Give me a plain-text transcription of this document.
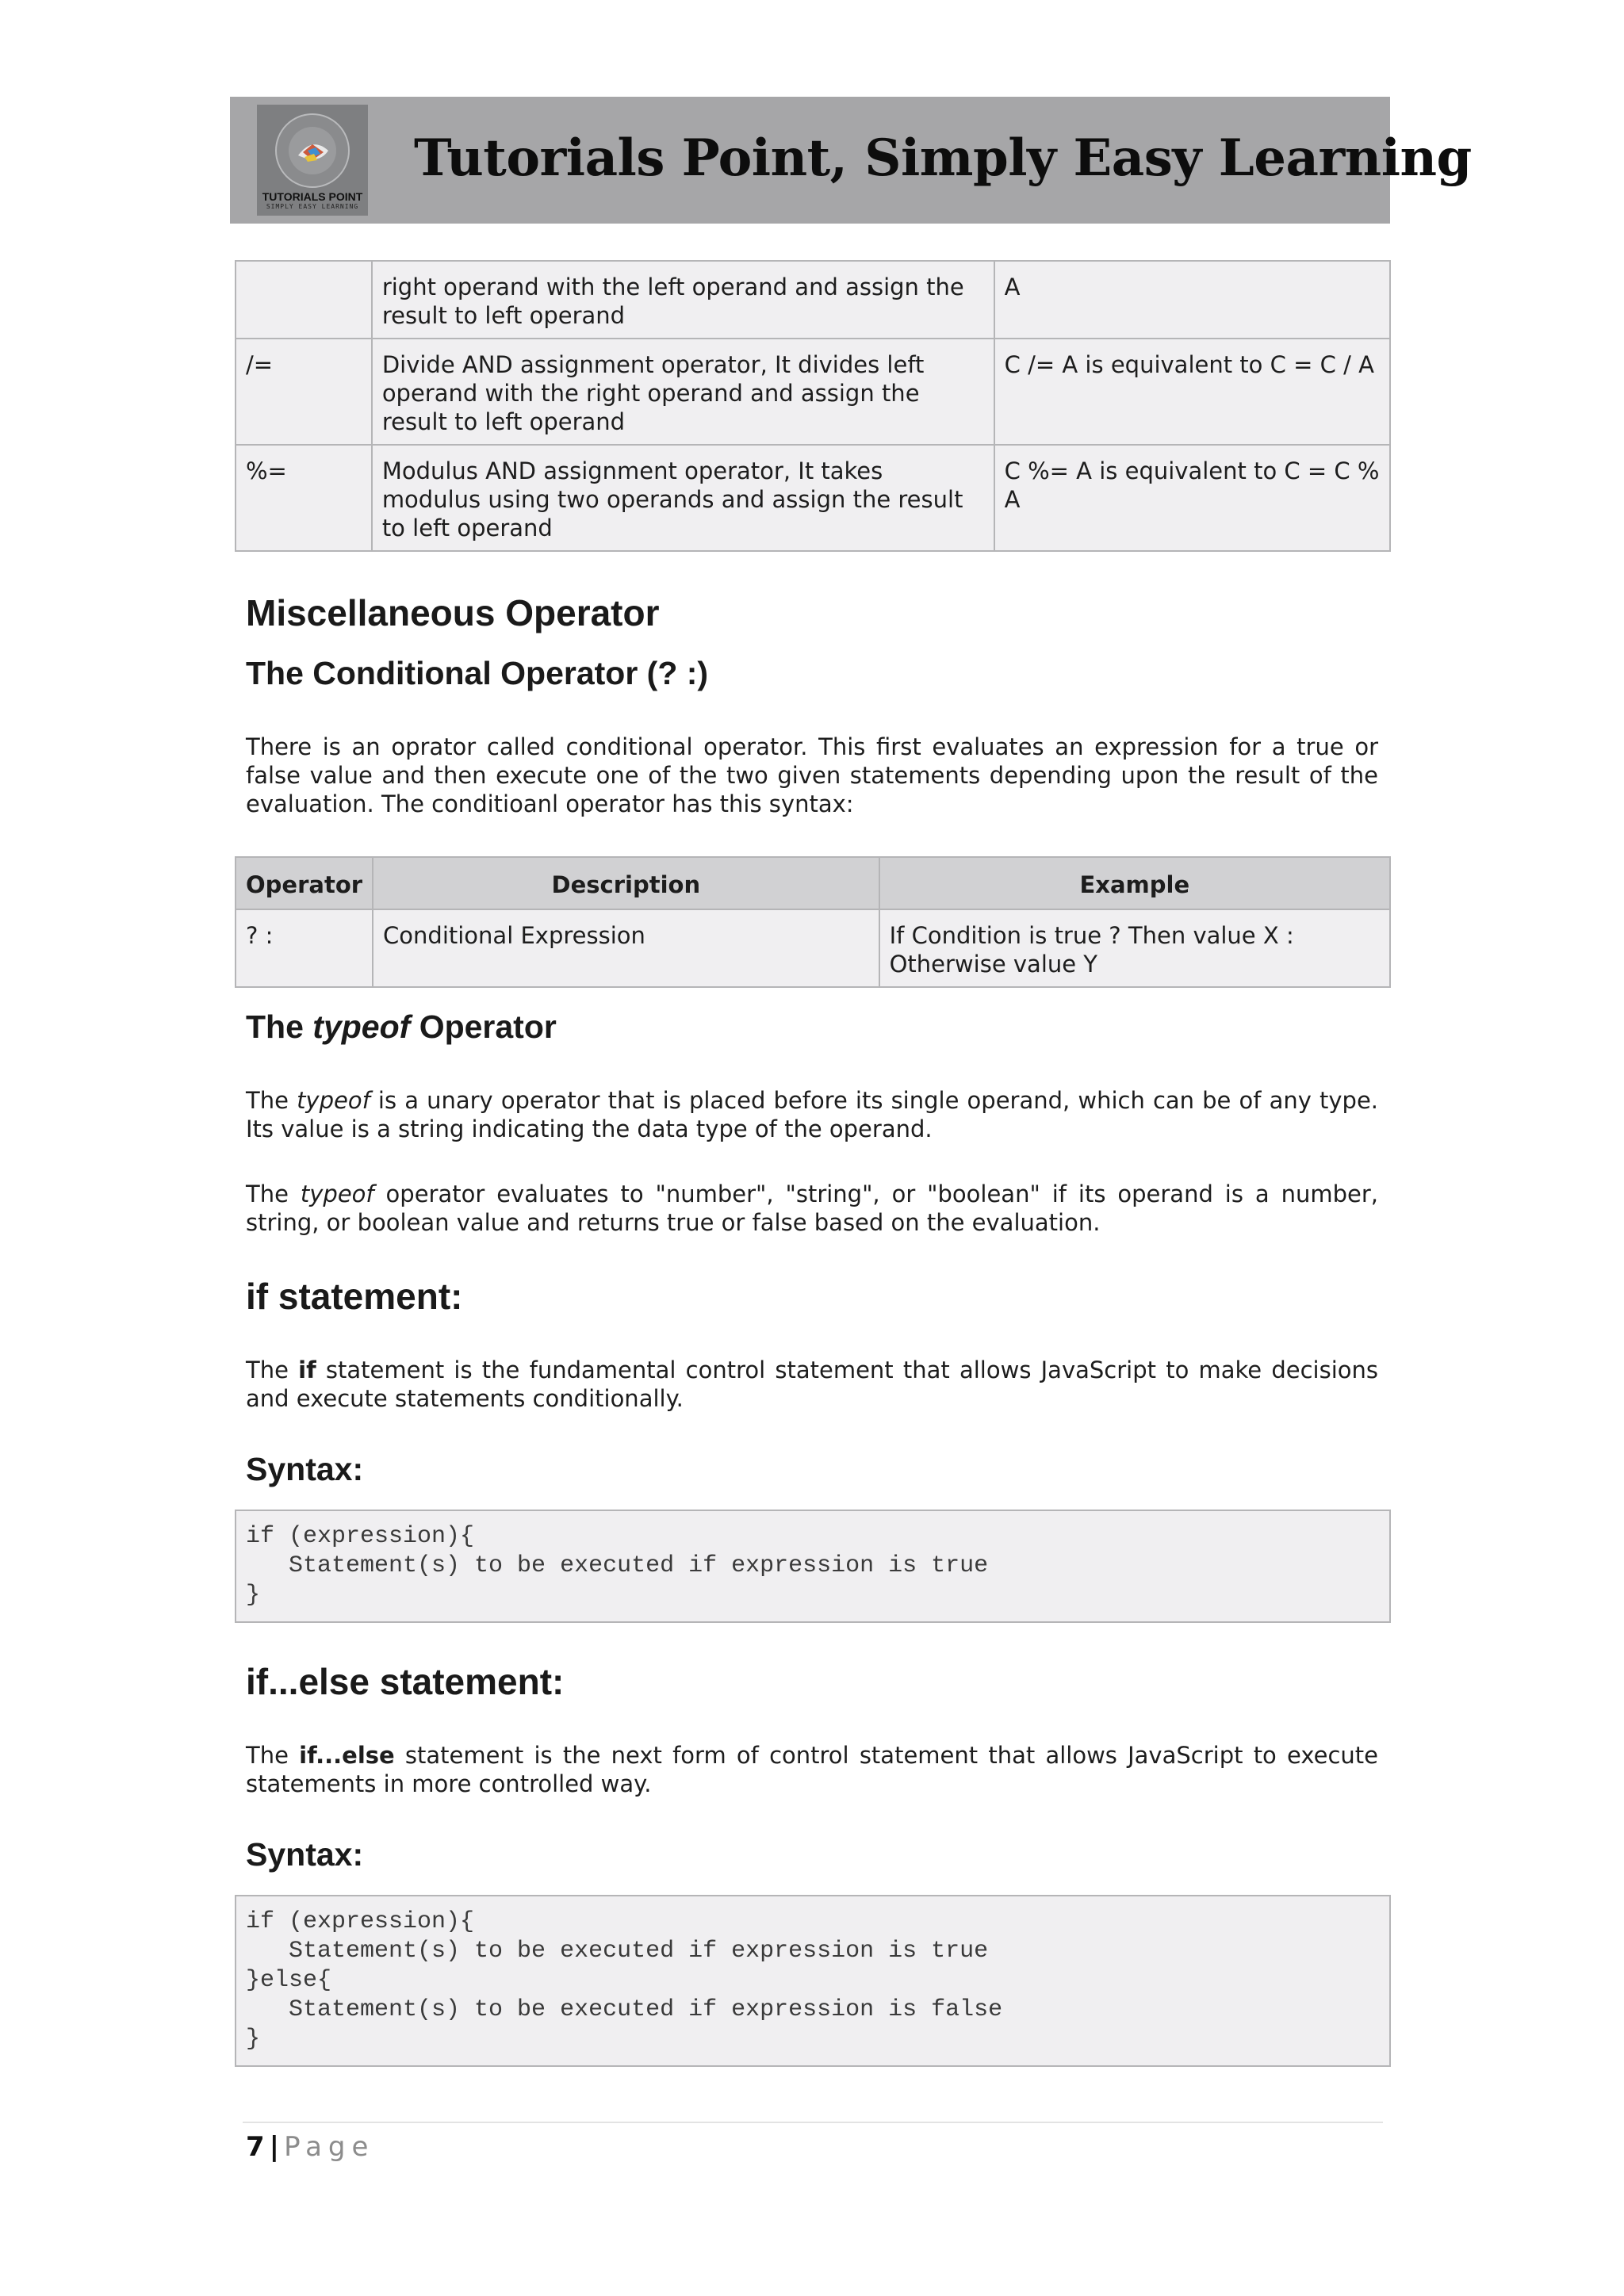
TUTORIALS POINT
SIMPLY EASY LEARNING
Tutorials Point, Simply Easy Learning
	right operand with the left operand and assign the result to left operand	A
/=	Divide AND assignment operator, It divides left operand with the right operand and assign the result to left operand	C /= A is equivalent to C = C / A
%=	Modulus AND assignment operator, It takes modulus using two operands and assign the result to left operand	C %= A is equivalent to C = C % A
Miscellaneous Operator
The Conditional Operator (? :)

There is an oprator called conditional operator. This first evaluates an expression for a true or false value and then execute one of the two given statements depending upon the result of the evaluation. The conditioanl operator has this syntax:

Operator	Description	Example
? :	Conditional Expression	If Condition is true ? Then value X : Otherwise value Y
The typeof Operator

The typeof is a unary operator that is placed before its single operand, which can be of any type. Its value is a string indicating the data type of the operand.

The typeof operator evaluates to "number", "string", or "boolean" if its operand is a number, string, or boolean value and returns true or false based on the evaluation.

if statement:

The if statement is the fundamental control statement that allows JavaScript to make decisions and execute statements conditionally.

Syntax:
if (expression){
Statement(s) to be executed if expression is true
}
if...else statement:

The if...else statement is the next form of control statement that allows JavaScript to execute statements in more controlled way.

Syntax:
if (expression){
Statement(s) to be executed if expression is true
}else{
Statement(s) to be executed if expression is false
}
7 | Page
